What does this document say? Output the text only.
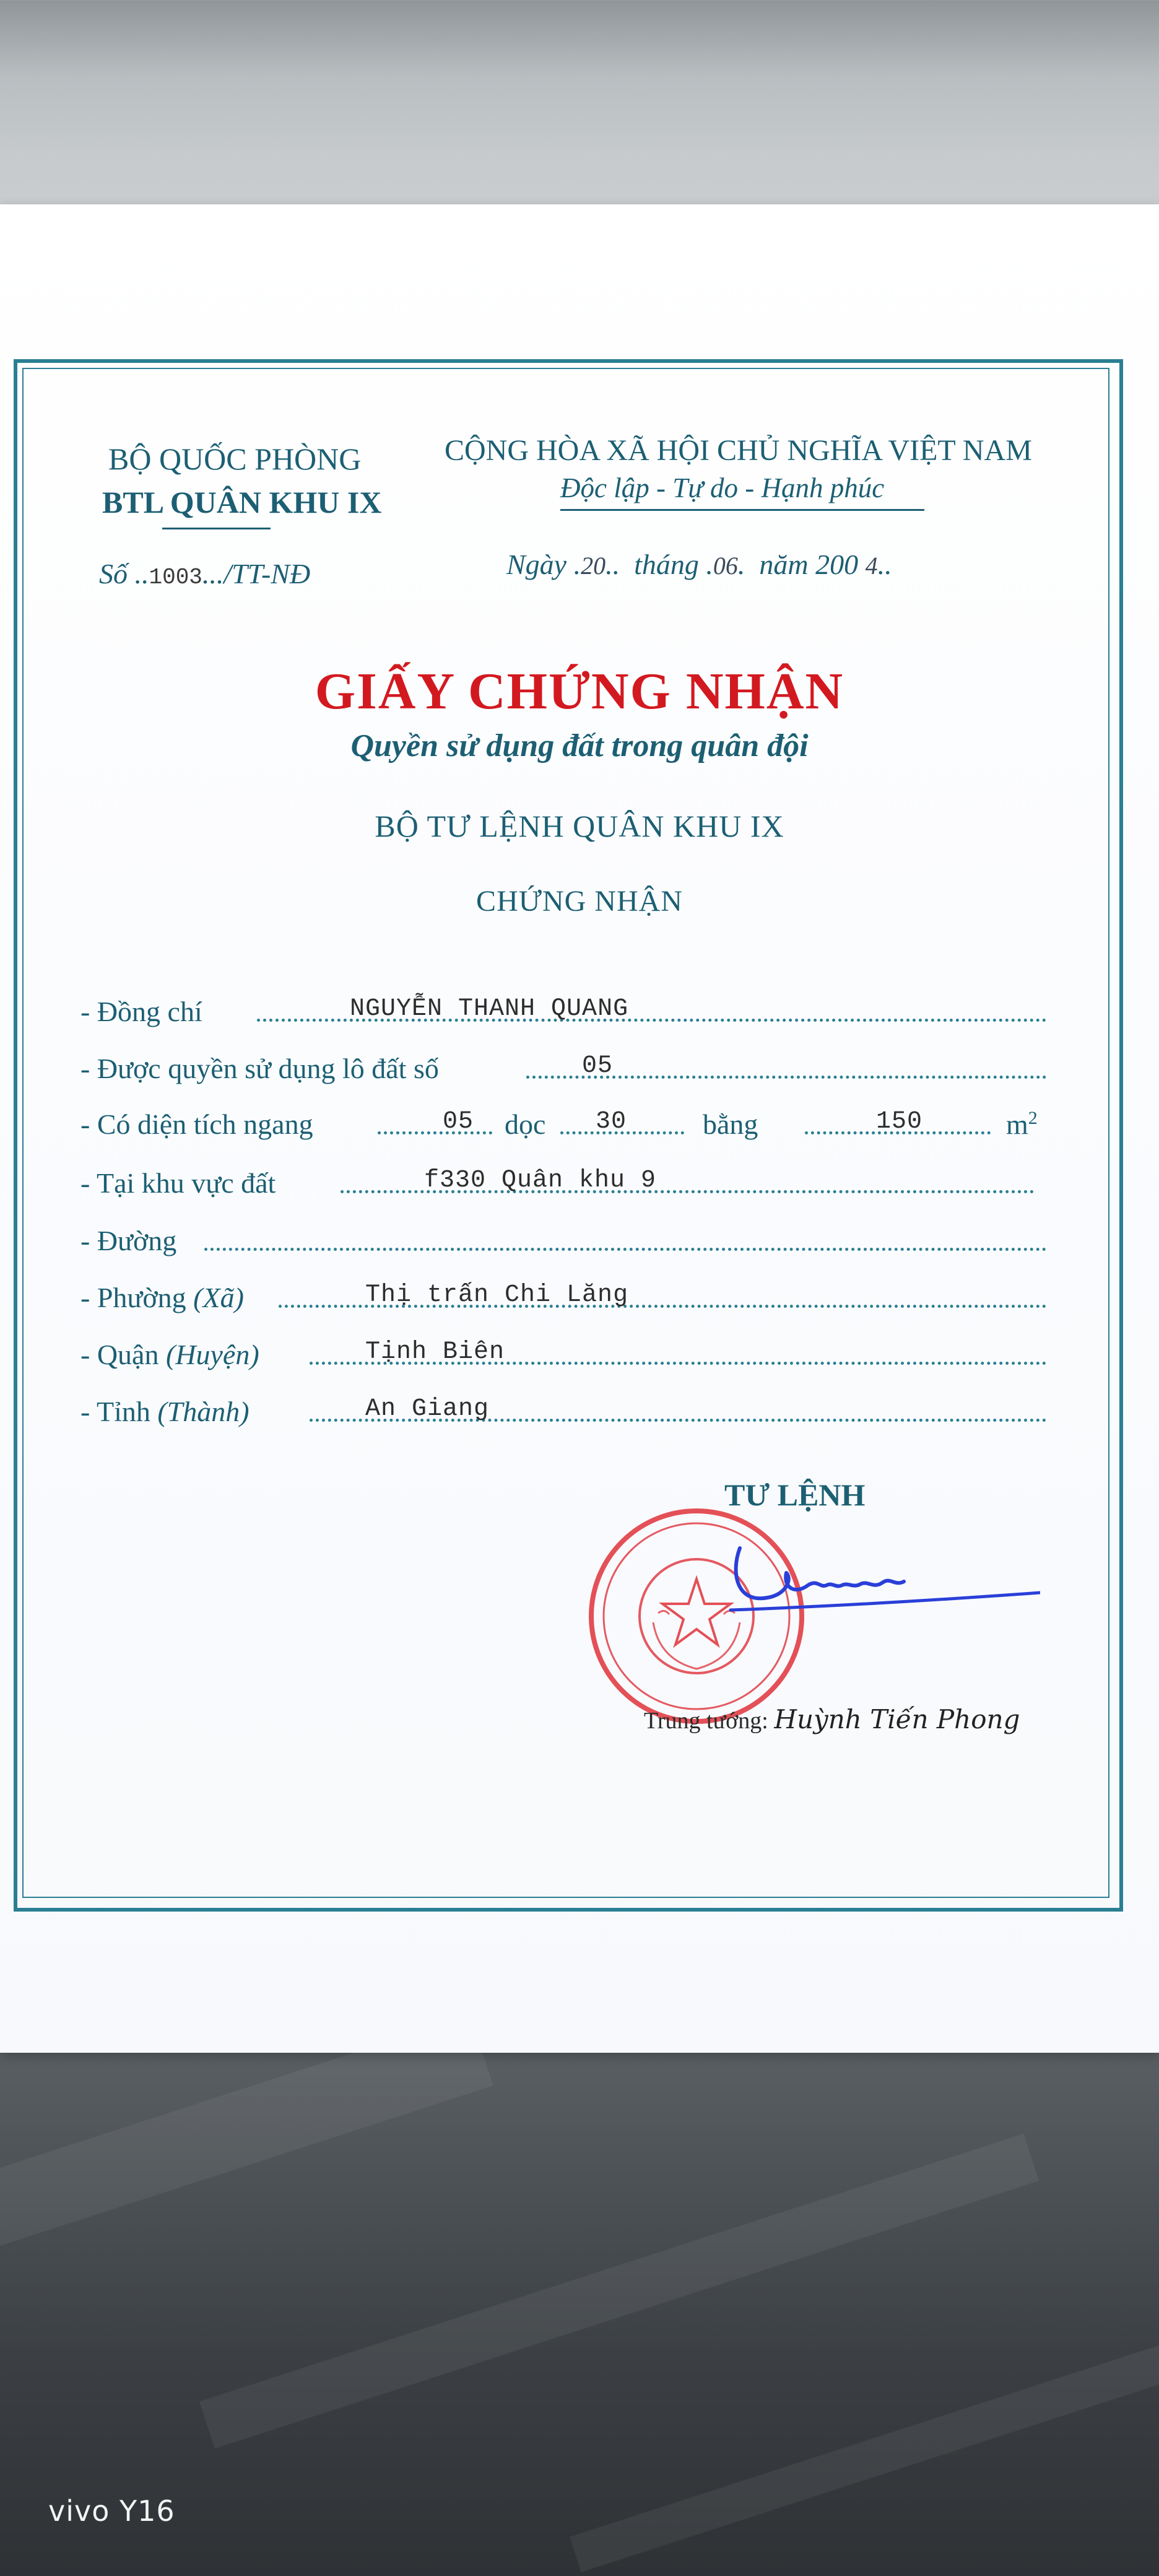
BỘ QUỐC PHÒNG
BTL QUÂN KHU IX
Số ..1003.../TT-NĐ
CỘNG HÒA XÃ HỘI CHỦ NGHĨA VIỆT NAM
Độc lập - Tự do - Hạnh phúc
Ngày .20..  tháng .06.  năm 200 4..
GIẤY CHỨNG NHẬN
Quyền sử dụng đất trong quân đội
BỘ TƯ LỆNH QUÂN KHU IX
CHỨNG NHẬN
- Đồng chí	NGUYỄN THANH QUANG
- Được quyền sử dụng lô đất số	05
- Có diện tích ngang	05 dọc 30	bằng	150	$m^2$
- Tại khu vực đất	f330 Quân khu 9
- Đường
- Phường (Xã)	Thị trấn Chi Lăng
- Quận (Huyện)	Tịnh Biên
- Tỉnh (Thành)	An Giang
TƯ LỆNH
Trung tướng: Huỳnh Tiến Phong
vivo Y16
